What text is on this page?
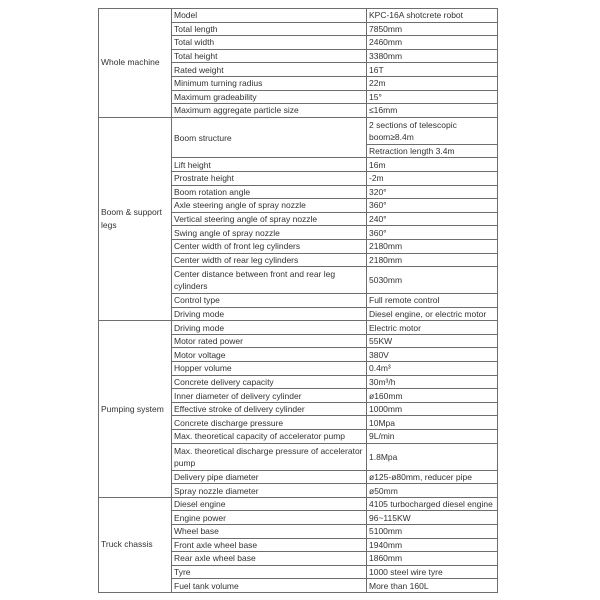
Whole machine	Model	KPC-16A shotcrete robot
	Total length	7850mm
	Total width	2460mm
	Total height	3380mm
	Rated weight	16T
	Minimum turning radius	22m
	Maximum gradeability	15°
	Maximum aggregate particle size	≤16mm
Boom & support legs	Boom structure	2 sections of telescopic boom≥8.4m
		Retraction length 3.4m
	Lift height	16m
	Prostrate height	-2m
	Boom rotation angle	320°
	Axle steering angle of spray nozzle	360°
	Vertical steering angle of spray nozzle	240°
	Swing angle of spray nozzle	360°
	Center width of front leg cylinders	2180mm
	Center width of rear leg cylinders	2180mm
	Center distance between front and rear leg cylinders	5030mm
	Control type	Full remote control
	Driving mode	Diesel engine, or electric motor
Pumping system	Driving mode	Electric motor
	Motor rated power	55KW
	Motor voltage	380V
	Hopper volume	0.4m³
	Concrete delivery capacity	30m³/h
	Inner diameter of delivery cylinder	ø160mm
	Effective stroke of delivery cylinder	1000mm
	Concrete discharge pressure	10Mpa
	Max. theoretical capacity of accelerator pump	9L/min
	Max. theoretical discharge pressure of accelerator pump	1.8Mpa
	Delivery pipe diameter	ø125-ø80mm, reducer pipe
	Spray nozzle diameter	ø50mm
Truck chassis	Diesel engine	4105 turbocharged diesel engine
	Engine power	96~115KW
	Wheel base	5100mm
	Front axle wheel base	1940mm
	Rear axle wheel base	1860mm
	Tyre	1000 steel wire tyre
	Fuel tank volume	More than 160L
